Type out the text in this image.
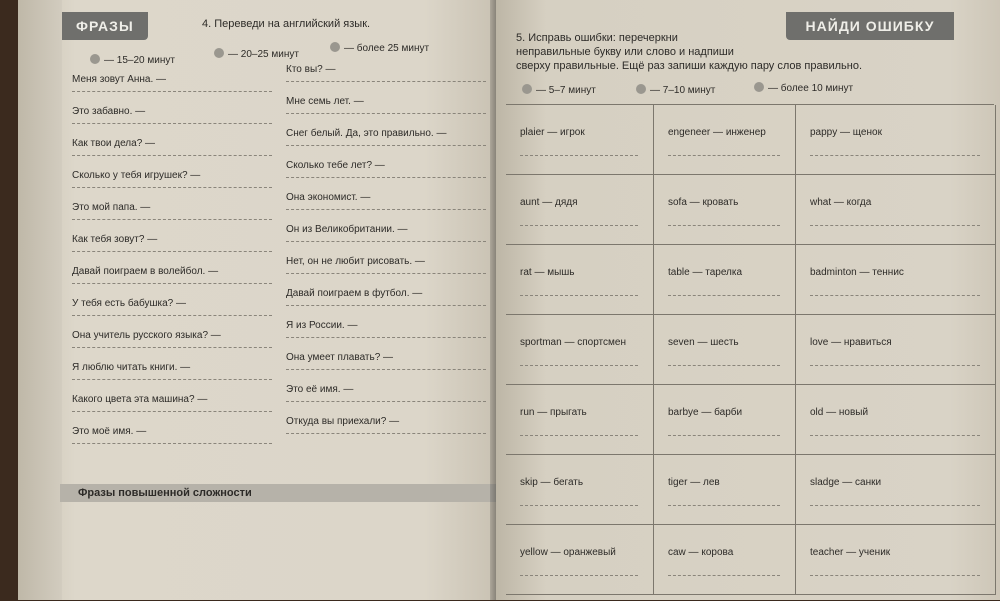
ФРАЗЫ	4. Переведи на английский язык.
— 15–20 минут
— 20–25 минут
— более 25 минут
Меня зовут Анна. —
Это забавно. —
Как твои дела? —
Сколько у тебя игрушек? —
Это мой папа. —
Как тебя зовут? —
Давай поиграем в волейбол. —
У тебя есть бабушка? —
Она учитель русского языка? —
Я люблю читать книги. —
Какого цвета эта машина? —
Это моё имя. —
Кто вы? —
Мне семь лет. —
Снег белый. Да, это правильно. —
Сколько тебе лет? —
Она экономист. —
Он из Великобритании. —
Нет, он не любит рисовать. —
Давай поиграем в футбол. —
Я из России. —
Она умеет плавать? —
Это её имя. —
Откуда вы приехали? —
Фразы повышенной сложности
НАЙДИ ОШИБКУ
5. Исправь ошибки: перечеркни
неправильные букву или слово и надпиши
сверху правильные. Ещё раз запиши каждую пару слов правильно.
— 5–7 минут	— 7–10 минут	— более 10 минут
plaier — игрок	engeneer — инженер	pappy — щенок
aunt — дядя	sofa — кровать	what — когда
rat — мышь	table — тарелка	badminton — теннис
sportman — спортсмен	seven — шесть	love — нравиться
run — прыгать	barbye — барби	old — новый
skip — бегать	tiger — лев	sladge — санки
yellow — оранжевый	caw — корова	teacher — ученик
